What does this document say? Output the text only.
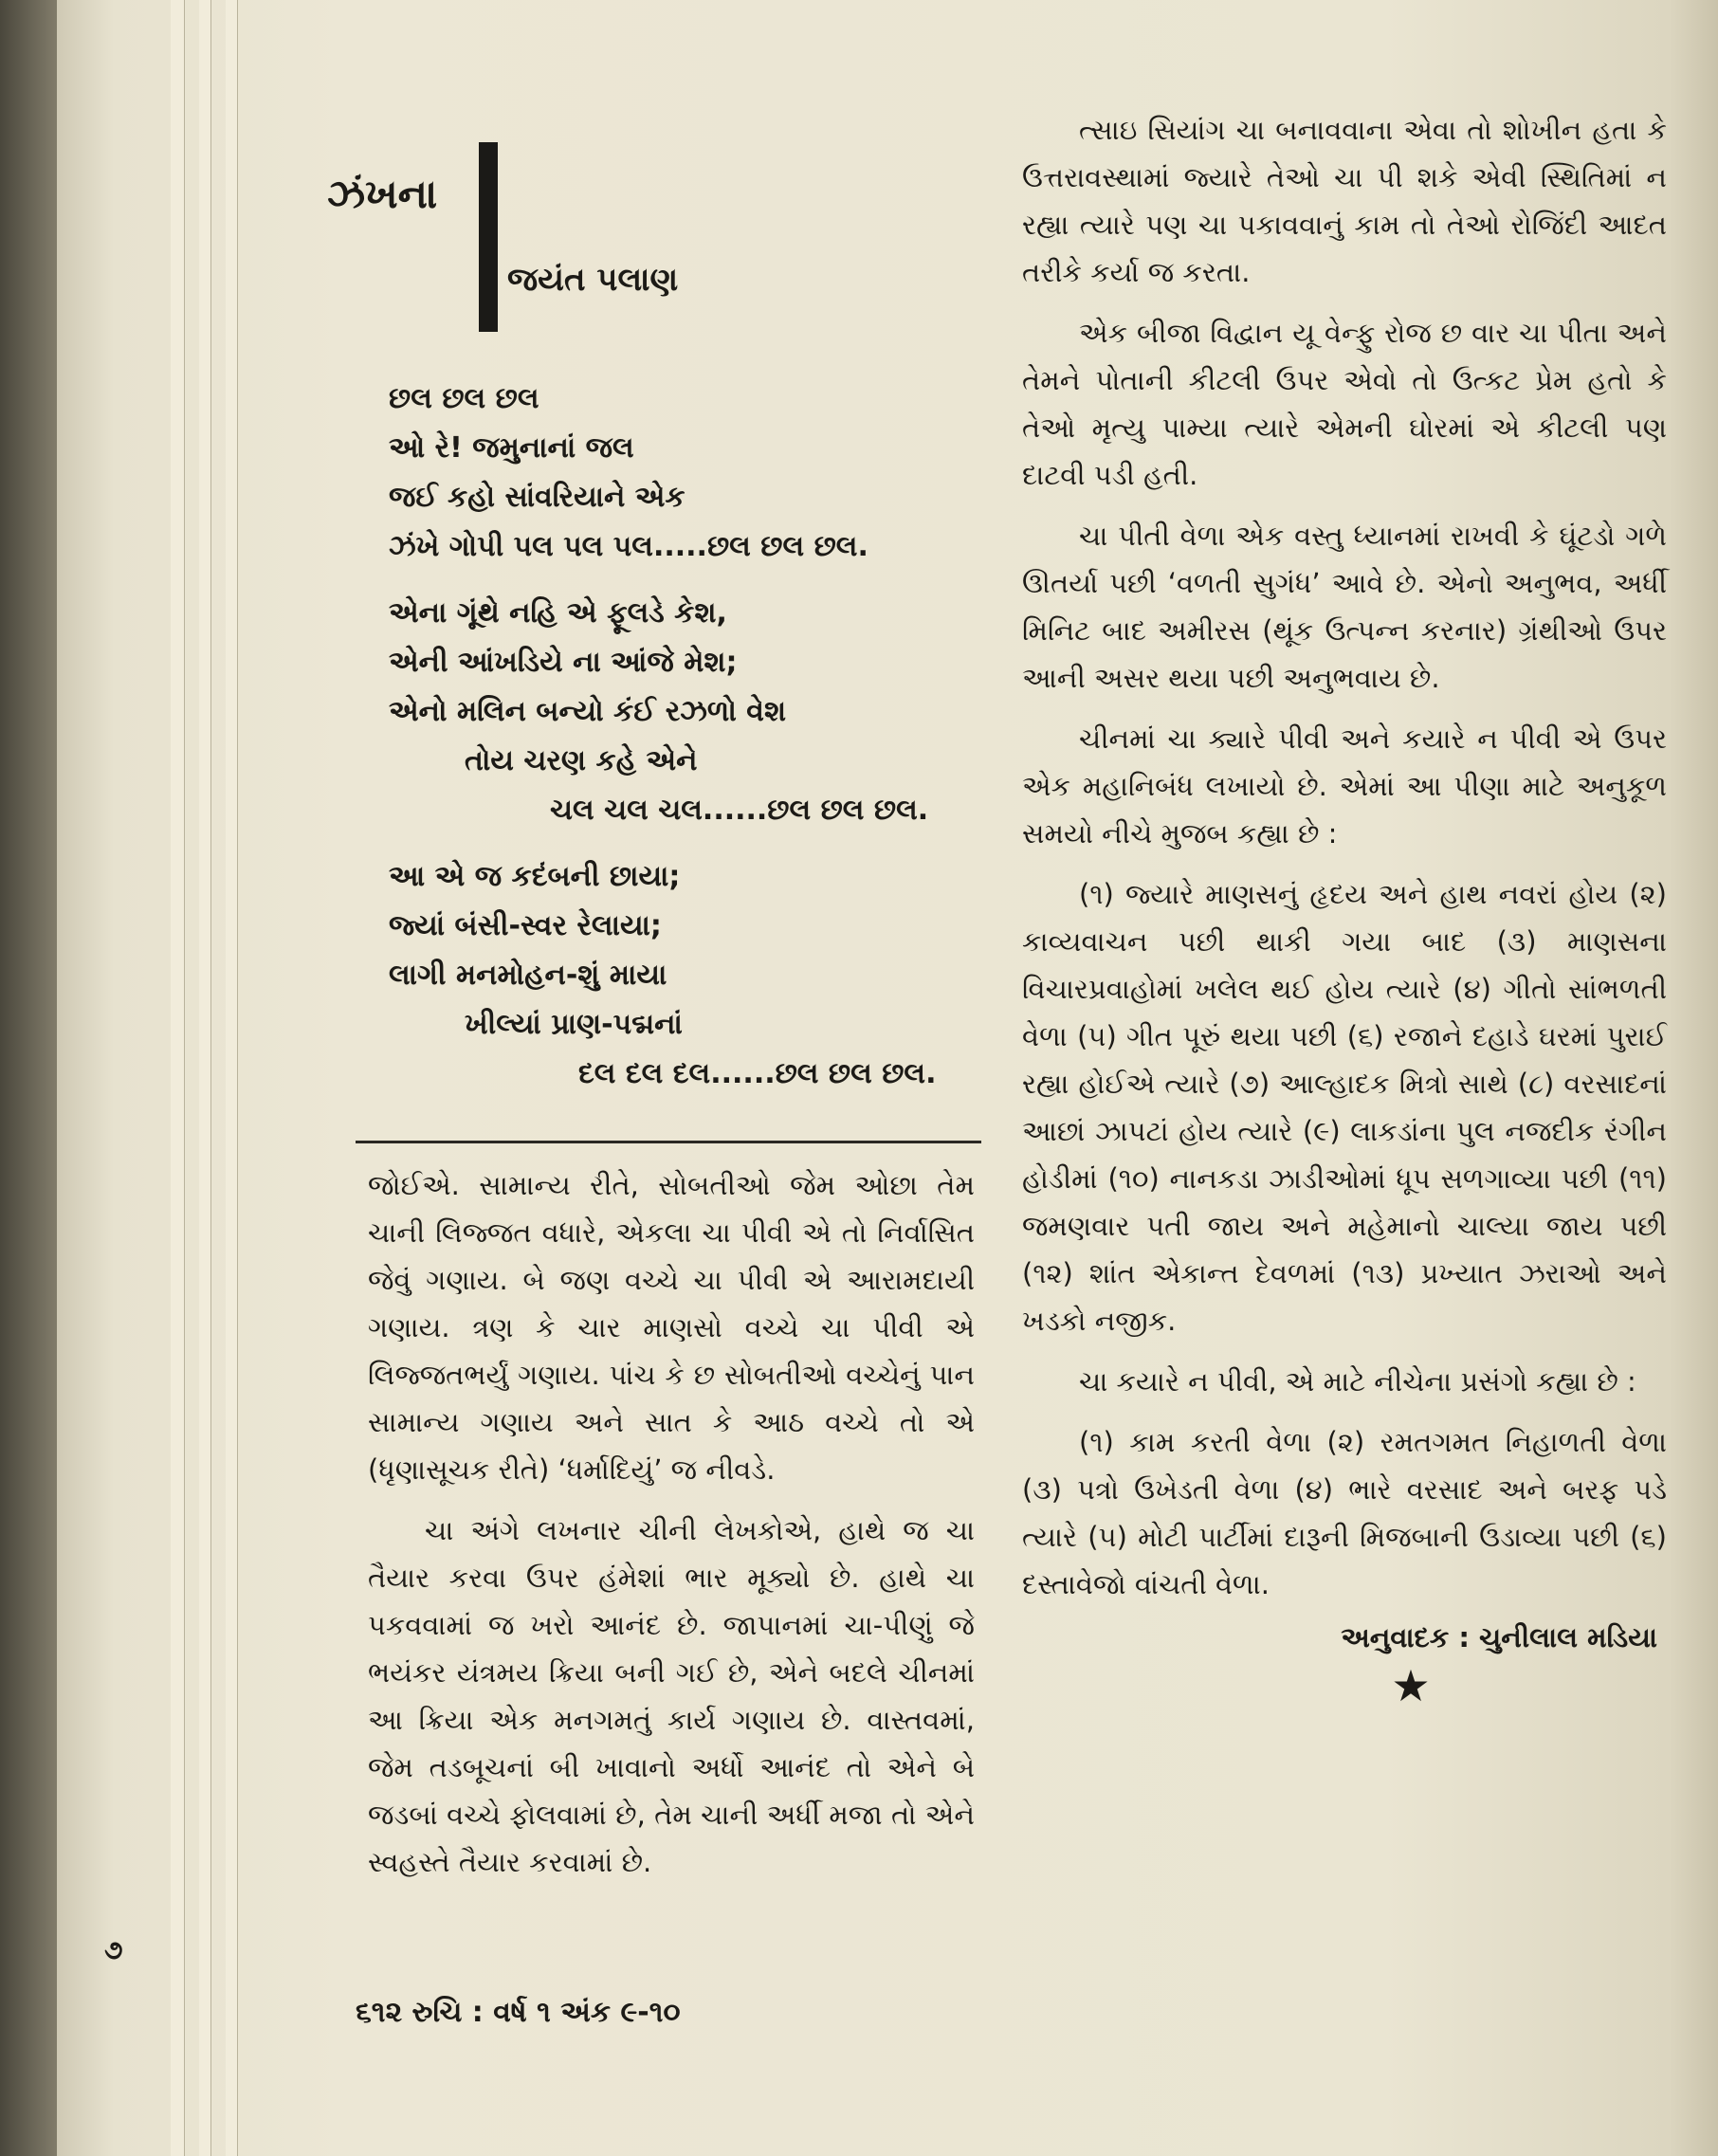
ઝંખના
જયંત પલાણ
છલ છલ છલ
ઓ રે! જમુનાનાં જલ
જઈ કહો સાંવરિયાને એક
ઝંખે ગોપી પલ પલ પલ.....છલ છલ છલ.
એના ગૂંથે નહિ એ ફૂલડે કેશ,
એની આંખડિયે ના આંજે મેશ;
એનો મલિન બન્યો કંઈ રઝળો વેશ
તોય ચરણ કહે એને
ચલ ચલ ચલ......છલ છલ છલ.
આ એ જ કદંબની છાયા;
જ્યાં બંસી-સ્વર રેલાયા;
લાગી મનમોહન-શું માયા
ખીલ્યાં પ્રાણ-પદ્મનાં
દલ દલ દલ......છલ છલ છલ.
જોઈએ. સામાન્ય રીતે, સોબતીઓ જેમ ઓછા તેમ ચાની લિજ્જત વધારે, એકલા ચા પીવી એ તો નિર્વાસિત જેવું ગણાય. બે જણ વચ્ચે ચા પીવી એ આરામદાયી ગણાય. ત્રણ કે ચાર માણસો વચ્ચે ચા પીવી એ લિજ્જતભર્યું ગણાય. પાંચ કે છ સોબતીઓ વચ્ચેનું પાન સામાન્ય ગણાય અને સાત કે આઠ વચ્ચે તો એ (ધૃણાસૂચક રીતે) ‘ધર્માદિયું’ જ નીવડે.
ચા અંગે લખનાર ચીની લેખકોએ, હાથે જ ચા તૈયાર કરવા ઉપર હંમેશાં ભાર મૂક્યો છે. હાથે ચા પકવવામાં જ ખરો આનંદ છે. જાપાનમાં ચા-પીણું જે ભયંકર યંત્રમય ક્રિયા બની ગઈ છે, એને બદલે ચીનમાં આ ક્રિયા એક મનગમતું કાર્ય ગણાય છે. વાસ્તવમાં, જેમ તડબૂચનાં બી ખાવાનો અર્ધો આનંદ તો એને બે જડબાં વચ્ચે ફોલવામાં છે, તેમ ચાની અર્ધી મજા તો એને સ્વહસ્તે તૈયાર કરવામાં છે.
ત્સાઇ સિયાંગ ચા બનાવવાના એવા તો શોખીન હતા કે ઉત્તરાવસ્થામાં જ્યારે તેઓ ચા પી શકે એવી સ્થિતિમાં ન રહ્યા ત્યારે પણ ચા પકાવવાનું કામ તો તેઓ રોજિંદી આદત તરીકે કર્યા જ કરતા.
એક બીજા વિદ્વાન યૂ વેન્ફુ રોજ છ વાર ચા પીતા અને તેમને પોતાની કીટલી ઉપર એવો તો ઉત્કટ પ્રેમ હતો કે તેઓ મૃત્યુ પામ્યા ત્યારે એમની ઘોરમાં એ કીટલી પણ દાટવી પડી હતી.
ચા પીતી વેળા એક વસ્તુ ધ્યાનમાં રાખવી કે ઘૂંટડો ગળે ઊતર્યા પછી ‘વળતી સુગંધ’ આવે છે. એનો અનુભવ, અર્ધી મિનિટ બાદ અમીરસ (થૂંક ઉત્પન્ન કરનાર) ગ્રંથીઓ ઉપર આની અસર થયા પછી અનુભવાય છે.
ચીનમાં ચા ક્યારે પીવી અને કયારે ન પીવી એ ઉપર એક મહાનિબંધ લખાયો છે. એમાં આ પીણા માટે અનુકૂળ સમયો નીચે મુજબ કહ્યા છે :
(૧) જ્યારે માણસનું હૃદય અને હાથ નવરાં હોય (૨) કાવ્યવાચન પછી થાકી ગયા બાદ (૩) માણસના વિચારપ્રવાહોમાં ખલેલ થઈ હોય ત્યારે (૪) ગીતો સાંભળતી વેળા (૫) ગીત પૂરું થયા પછી (૬) રજાને દહાડે ઘરમાં પુરાઈ રહ્યા હોઈએ ત્યારે (૭) આલ્હાદક મિત્રો સાથે (૮) વરસાદનાં આછાં ઝાપટાં હોય ત્યારે (૯) લાકડાંના પુલ નજદીક રંગીન હોડીમાં (૧૦) નાનકડા ઝાડીઓમાં ધૂપ સળગાવ્યા પછી (૧૧) જમણવાર પતી જાય અને મહેમાનો ચાલ્યા જાય પછી (૧૨) શાંત એકાન્ત દેવળમાં (૧૩) પ્રખ્યાત ઝરાઓ અને ખડકો નજીક.
ચા કયારે ન પીવી, એ માટે નીચેના પ્રસંગો કહ્યા છે :
(૧) કામ કરતી વેળા (૨) રમતગમત નિહાળતી વેળા (૩) પત્રો ઉખેડતી વેળા (૪) ભારે વરસાદ અને બરફ પડે ત્યારે (૫) મોટી પાર્ટીમાં દારૂની મિજબાની ઉડાવ્યા પછી (૬) દસ્તાવેજો વાંચતી વેળા.
અનુવાદક : ચુનીલાલ મડિયા
★
૬૧૨ રુચિ : વર્ષ ૧ અંક ૯-૧૦
૭
